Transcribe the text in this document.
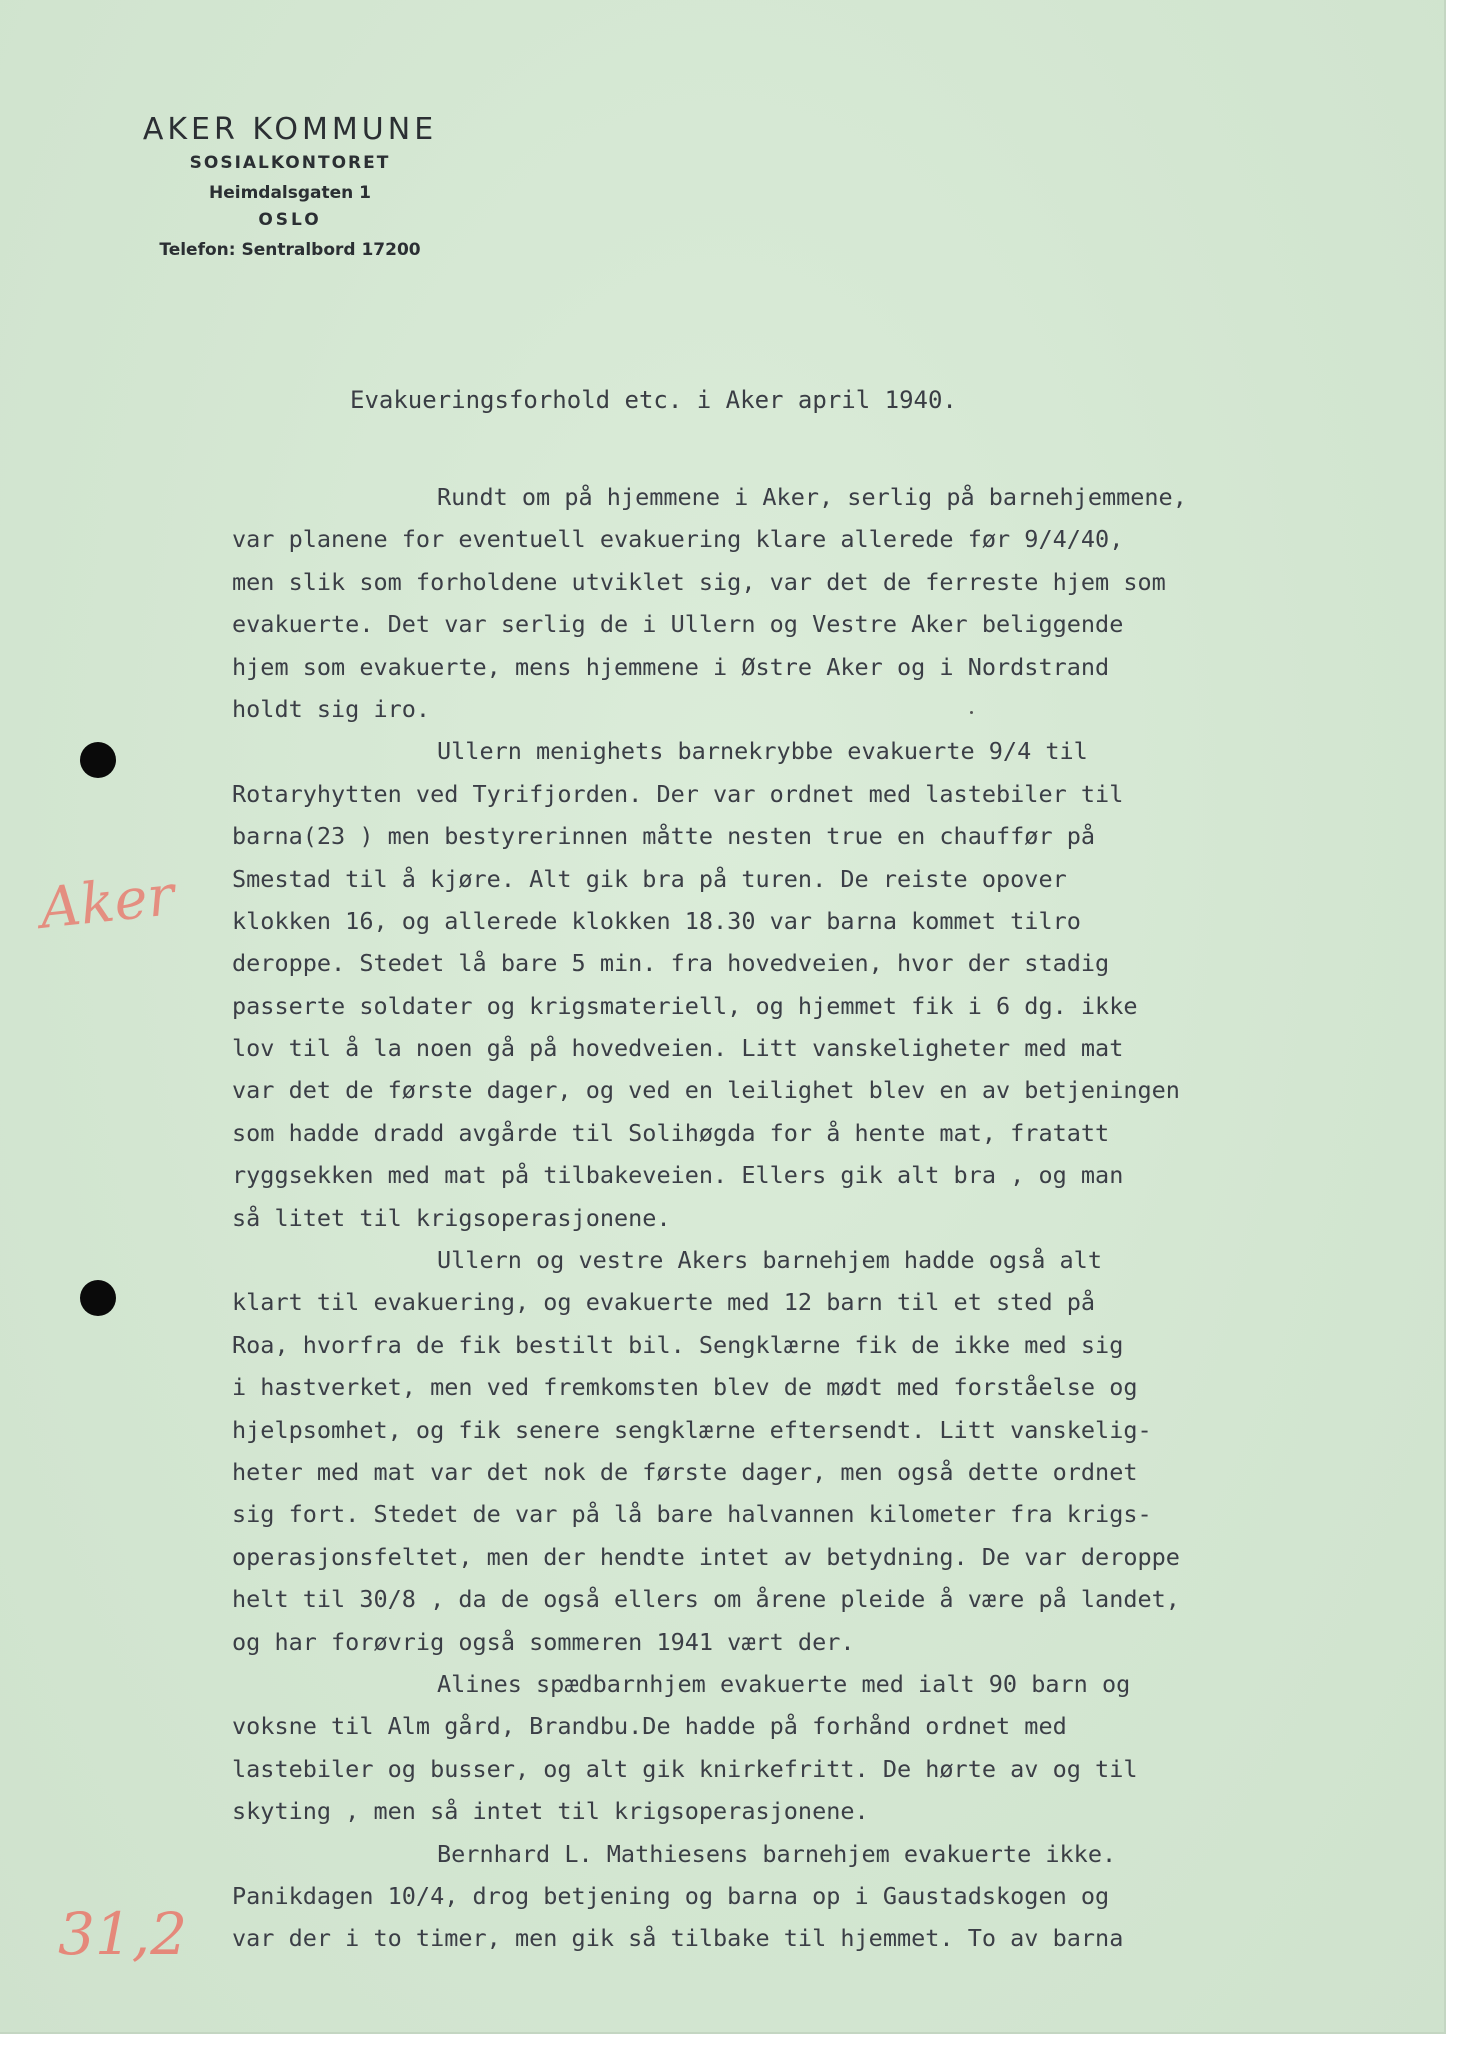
AKER KOMMUNE
SOSIALKONTORET
Heimdalsgaten 1
OSLO
Telefon: Sentralbord 17200
Evakueringsforhold etc. i Aker april 1940.
Rundt om på hjemmene i Aker, serlig på barnehjemmene,
var planene for eventuell evakuering klare allerede før 9/4/40,
men slik som forholdene utviklet sig, var det de ferreste hjem som
evakuerte. Det var serlig de i Ullern og Vestre Aker beliggende
hjem som evakuerte, mens hjemmene i Østre Aker og i Nordstrand
holdt sig iro.
Ullern menighets barnekrybbe evakuerte 9/4 til
Rotaryhytten ved Tyrifjorden. Der var ordnet med lastebiler til
barna(23 ) men bestyrerinnen måtte nesten true en chauffør på
Smestad til å kjøre. Alt gik bra på turen. De reiste opover
klokken 16, og allerede klokken 18.30 var barna kommet tilro
deroppe. Stedet lå bare 5 min. fra hovedveien, hvor der stadig
passerte soldater og krigsmateriell, og hjemmet fik i 6 dg. ikke
lov til å la noen gå på hovedveien. Litt vanskeligheter med mat
var det de første dager, og ved en leilighet blev en av betjeningen
som hadde dradd avgårde til Solihøgda for å hente mat, fratatt
ryggsekken med mat på tilbakeveien. Ellers gik alt bra , og man
så litet til krigsoperasjonene.
Ullern og vestre Akers barnehjem hadde også alt
klart til evakuering, og evakuerte med 12 barn til et sted på
Roa, hvorfra de fik bestilt bil. Sengklærne fik de ikke med sig
i hastverket, men ved fremkomsten blev de mødt med forståelse og
hjelpsomhet, og fik senere sengklærne eftersendt. Litt vanskelig-
heter med mat var det nok de første dager, men også dette ordnet
sig fort. Stedet de var på lå bare halvannen kilometer fra krigs-
operasjonsfeltet, men der hendte intet av betydning. De var deroppe
helt til 30/8 , da de også ellers om årene pleide å være på landet,
og har forøvrig også sommeren 1941 vært der.
Alines spædbarnhjem evakuerte med ialt 90 barn og
voksne til Alm gård, Brandbu.De hadde på forhånd ordnet med
lastebiler og busser, og alt gik knirkefritt. De hørte av og til
skyting , men så intet til krigsoperasjonene.
Bernhard L. Mathiesens barnehjem evakuerte ikke.
Panikdagen 10/4, drog betjening og barna op i Gaustadskogen og
var der i to timer, men gik så tilbake til hjemmet. To av barna
Aker
31,2
